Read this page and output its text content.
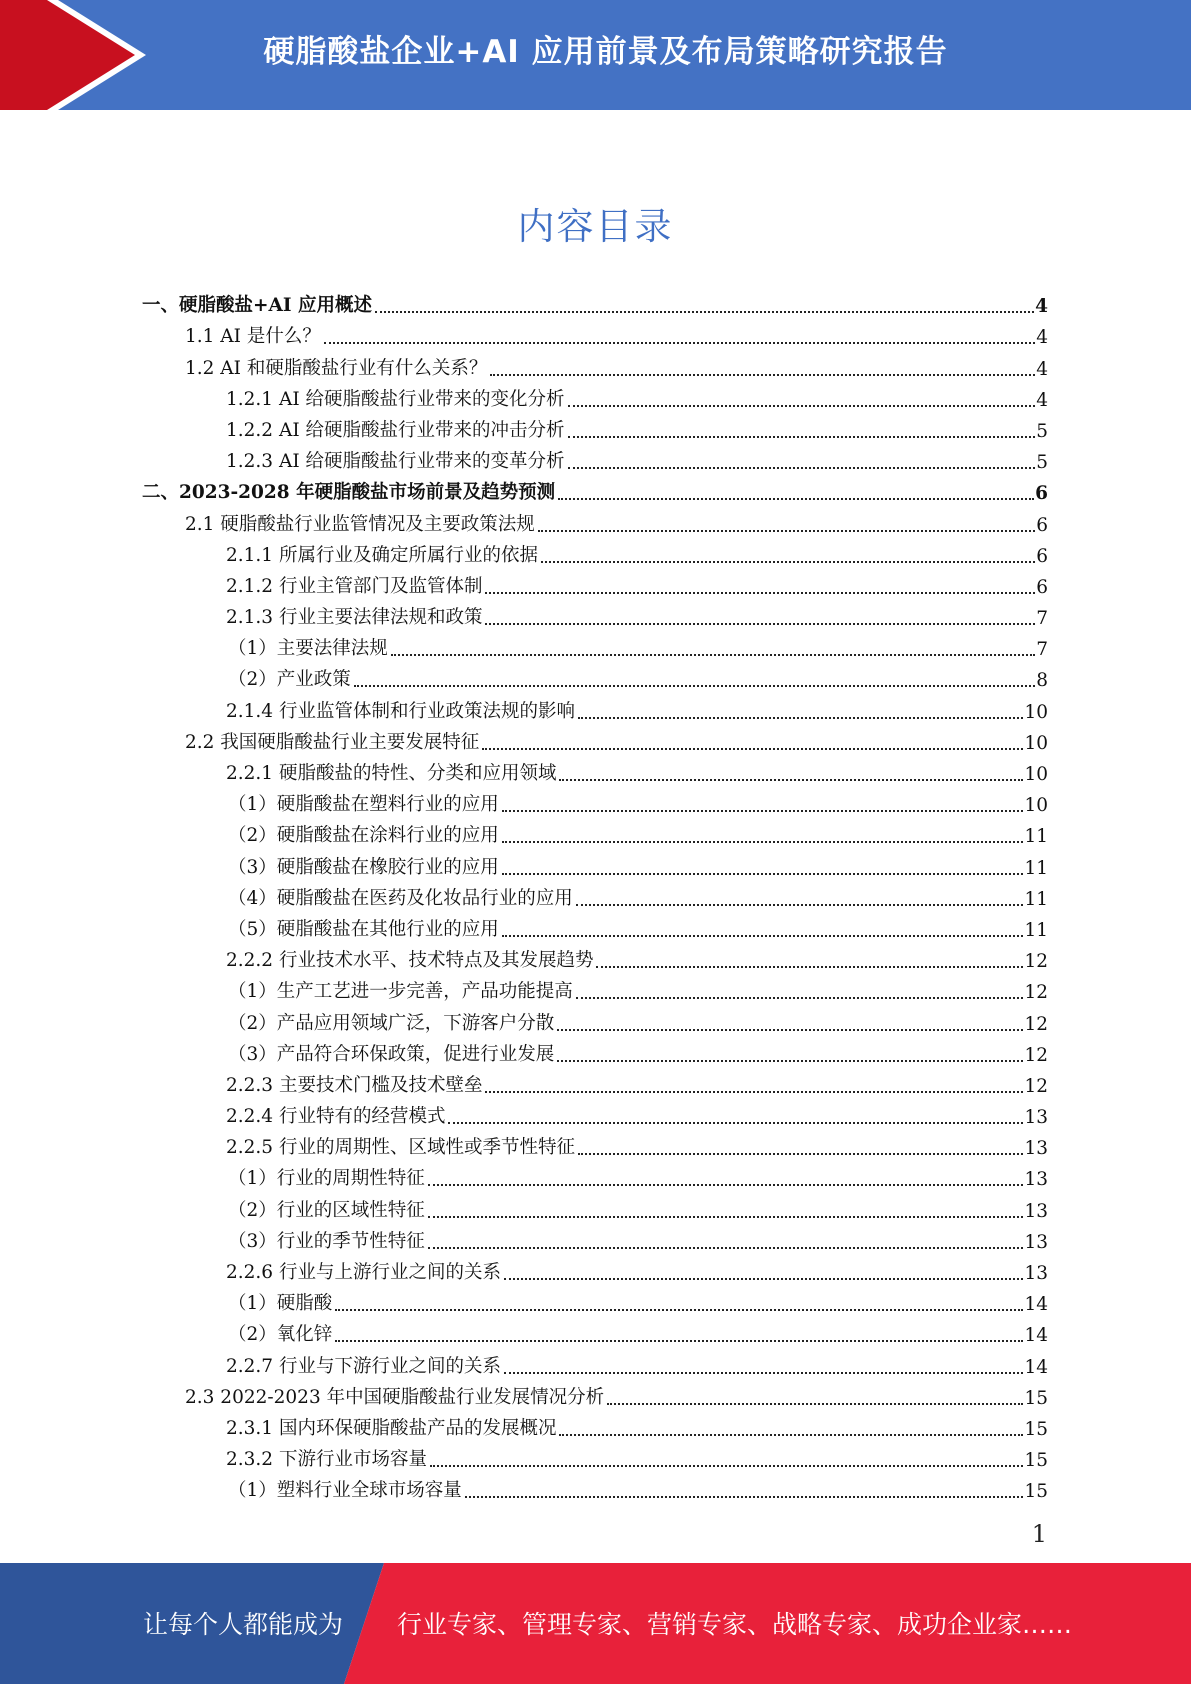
硬脂酸盐企业+AI 应用前景及布局策略研究报告
内容目录
一、硬脂酸盐+AI 应用概述	4
1.1 AI 是什么？	4
1.2 AI 和硬脂酸盐行业有什么关系？	4
1.2.1 AI 给硬脂酸盐行业带来的变化分析	4
1.2.2 AI 给硬脂酸盐行业带来的冲击分析	5
1.2.3 AI 给硬脂酸盐行业带来的变革分析	5
二、2023-2028 年硬脂酸盐市场前景及趋势预测	6
2.1 硬脂酸盐行业监管情况及主要政策法规	6
2.1.1 所属行业及确定所属行业的依据	6
2.1.2 行业主管部门及监管体制	6
2.1.3 行业主要法律法规和政策	7
（1）主要法律法规	7
（2）产业政策	8
2.1.4 行业监管体制和行业政策法规的影响	10
2.2 我国硬脂酸盐行业主要发展特征	10
2.2.1 硬脂酸盐的特性、分类和应用领域	10
（1）硬脂酸盐在塑料行业的应用	10
（2）硬脂酸盐在涂料行业的应用	11
（3）硬脂酸盐在橡胶行业的应用	11
（4）硬脂酸盐在医药及化妆品行业的应用	11
（5）硬脂酸盐在其他行业的应用	11
2.2.2 行业技术水平、技术特点及其发展趋势	12
（1）生产工艺进一步完善，产品功能提高	12
（2）产品应用领域广泛，下游客户分散	12
（3）产品符合环保政策，促进行业发展	12
2.2.3 主要技术门槛及技术壁垒	12
2.2.4 行业特有的经营模式	13
2.2.5 行业的周期性、区域性或季节性特征	13
（1）行业的周期性特征	13
（2）行业的区域性特征	13
（3）行业的季节性特征	13
2.2.6 行业与上游行业之间的关系	13
（1）硬脂酸	14
（2）氧化锌	14
2.2.7 行业与下游行业之间的关系	14
2.3 2022-2023 年中国硬脂酸盐行业发展情况分析	15
2.3.1 国内环保硬脂酸盐产品的发展概况	15
2.3.2 下游行业市场容量	15
（1）塑料行业全球市场容量	15
1
让每个人都能成为 行业专家、管理专家、营销专家、战略专家、成功企业家……
